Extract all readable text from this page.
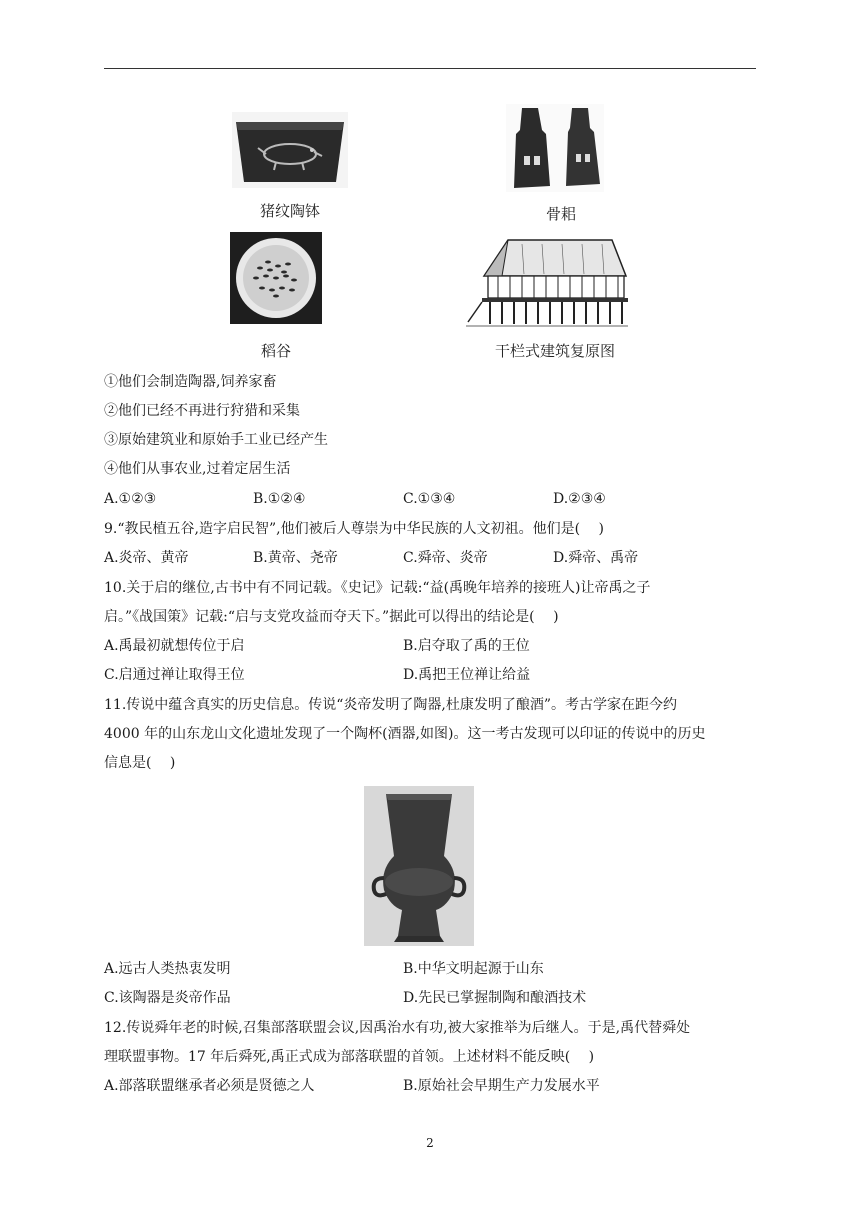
猪纹陶钵	骨耜
稻谷	干栏式建筑复原图
①他们会制造陶器,饲养家畜
②他们已经不再进行狩猎和采集
③原始建筑业和原始手工业已经产生
④他们从事农业,过着定居生活
A.①②③	B.①②④	C.①③④	D.②③④
9.“教民植五谷,造字启民智”,他们被后人尊崇为中华民族的人文初祖。他们是(　 )
A.炎帝、黄帝	B.黄帝、尧帝	C.舜帝、炎帝	D.舜帝、禹帝
10.关于启的继位,古书中有不同记载。《史记》记载:“益(禹晚年培养的接班人)让帝禹之子
启。”《战国策》记载:“启与支党攻益而夺天下。”据此可以得出的结论是(　 )
A.禹最初就想传位于启	B.启夺取了禹的王位
C.启通过禅让取得王位	D.禹把王位禅让给益
11.传说中蕴含真实的历史信息。传说“炎帝发明了陶器,杜康发明了酿酒”。考古学家在距今约
4000 年的山东龙山文化遗址发现了一个陶杯(酒器,如图)。这一考古发现可以印证的传说中的历史
信息是(　 )
A.远古人类热衷发明	B.中华文明起源于山东
C.该陶器是炎帝作品	D.先民已掌握制陶和酿酒技术
12.传说舜年老的时候,召集部落联盟会议,因禹治水有功,被大家推举为后继人。于是,禹代替舜处
理联盟事物。17 年后舜死,禹正式成为部落联盟的首领。上述材料不能反映(　 )
A.部落联盟继承者必须是贤德之人	B.原始社会早期生产力发展水平
2
